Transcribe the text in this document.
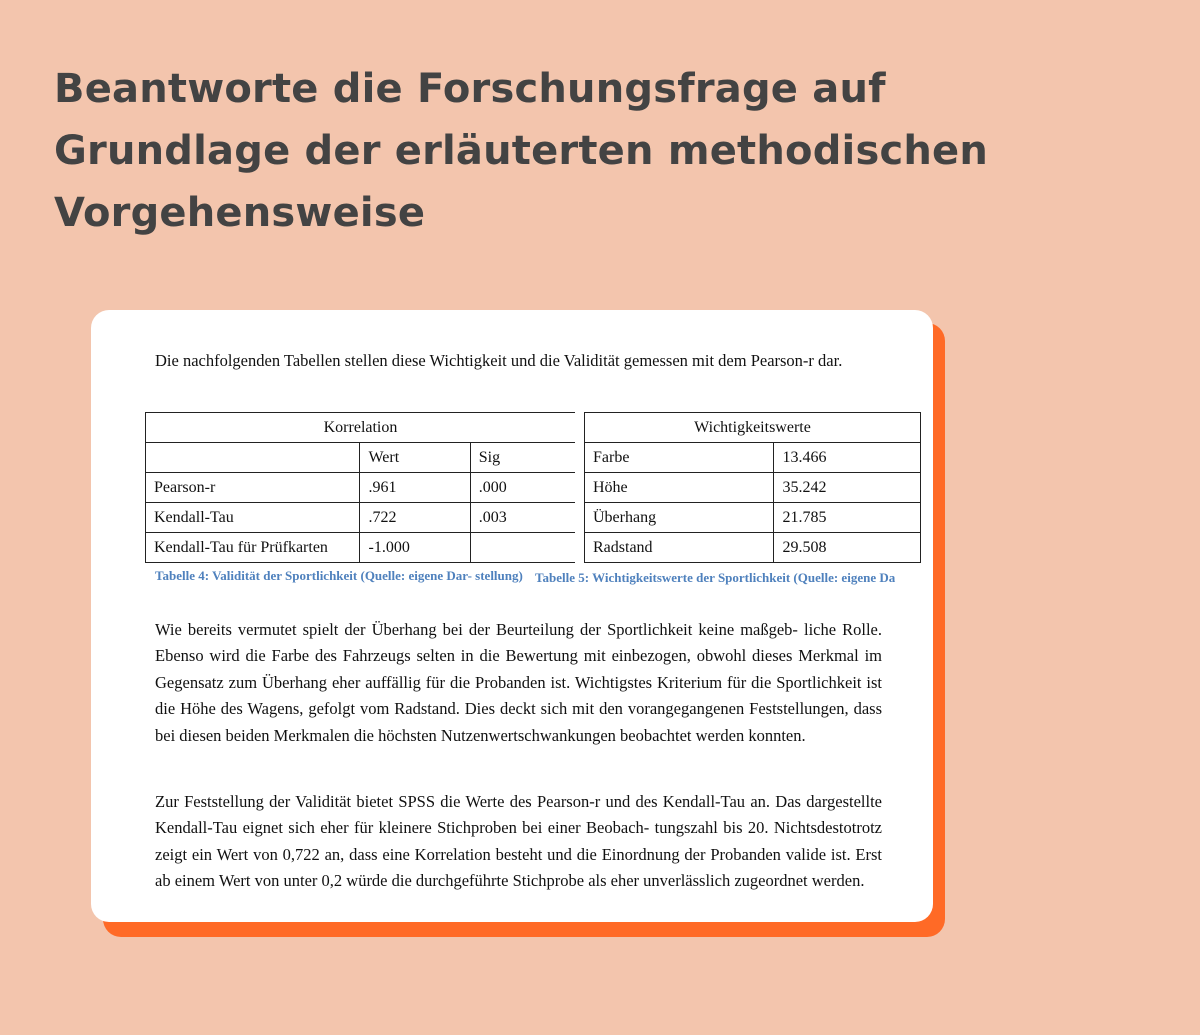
Beantworte die Forschungsfrage auf
Grundlage der erläuterten methodischen
Vorgehensweise

Die nachfolgenden Tabellen stellen diese Wichtigkeit und die Validität gemessen mit dem Pearson-r dar.

Korrelation		
	Wert	Sig
Pearson-r	.961	.000
Kendall-Tau	.722	.003
Kendall-Tau für Prüfkarten	-1.000	
Wichtigkeitswerte	
Farbe	13.466
Höhe	35.242
Überhang	21.785
Radstand	29.508

Tabelle 4: Validität der Sportlichkeit (Quelle: eigene Dar- stellung) Tabelle 5: Wichtigkeitswerte der Sportlichkeit (Quelle: eigene Da

Wie bereits vermutet spielt der Überhang bei der Beurteilung der Sportlichkeit keine maßgeb- liche Rolle. Ebenso wird die Farbe des Fahrzeugs selten in die Bewertung mit einbezogen, obwohl dieses Merkmal im Gegensatz zum Überhang eher auffällig für die Probanden ist. Wichtigstes Kriterium für die Sportlichkeit ist die Höhe des Wagens, gefolgt vom Radstand. Dies deckt sich mit den vorangegangenen Feststellungen, dass bei diesen beiden Merkmalen die höchsten Nutzenwertschwankungen beobachtet werden konnten.

Zur Feststellung der Validität bietet SPSS die Werte des Pearson-r und des Kendall-Tau an. Das dargestellte Kendall-Tau eignet sich eher für kleinere Stichproben bei einer Beobach- tungszahl bis 20. Nichtsdestotrotz zeigt ein Wert von 0,722 an, dass eine Korrelation besteht und die Einordnung der Probanden valide ist. Erst ab einem Wert von unter 0,2 würde die durchgeführte Stichprobe als eher unverlässlich zugeordnet werden.
